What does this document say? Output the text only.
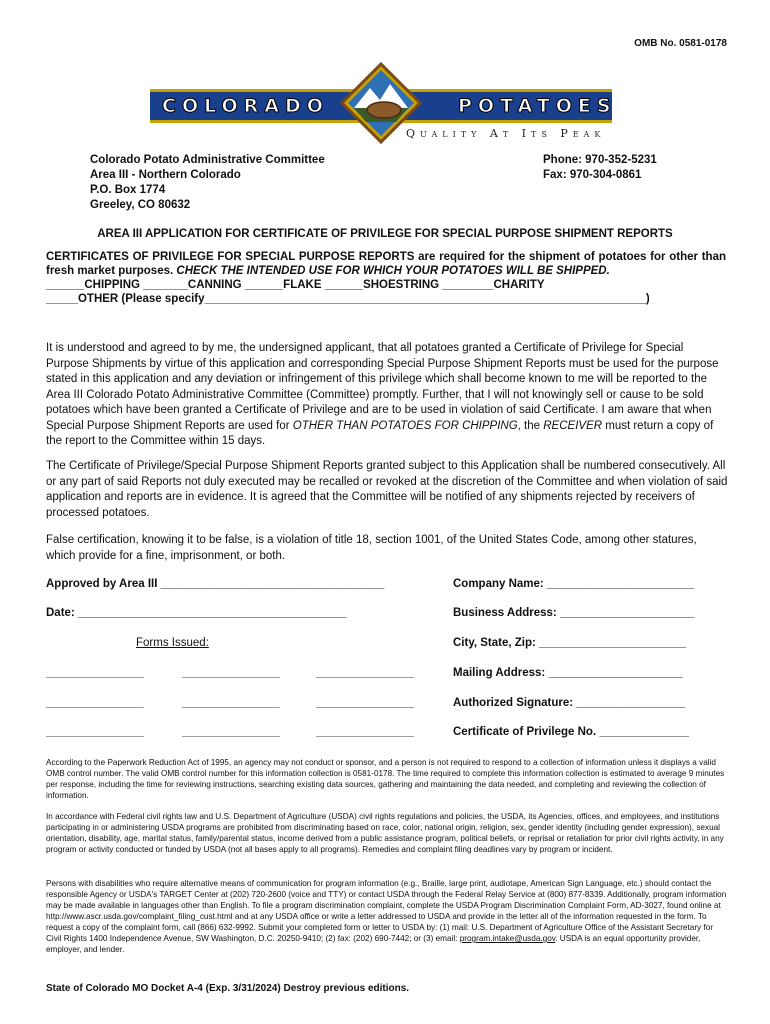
OMB No. 0581-0178
COLORADO	POTATOES
Quality At Its Peak
Colorado Potato Administrative Committee
Area III - Northern Colorado
P.O. Box 1774
Greeley, CO 80632
Phone: 970-352-5231
Fax: 970-304-0861
AREA III APPLICATION FOR CERTIFICATE OF PRIVILEGE FOR SPECIAL PURPOSE SHIPMENT REPORTS
CERTIFICATES OF PRIVILEGE FOR SPECIAL PURPOSE REPORTS are required for the shipment of potatoes for other than fresh market purposes. CHECK THE INTENDED USE FOR WHICH YOUR POTATOES WILL BE SHIPPED.
______CHIPPING _______CANNING ______FLAKE ______SHOESTRING ________CHARITY
_____OTHER (Please specify_____________________________________________________________________)
It is understood and agreed to by me, the undersigned applicant, that all potatoes granted a Certificate of Privilege for Special Purpose Shipments by virtue of this application and corresponding Special Purpose Shipment Reports must be used for the purpose stated in this application and any deviation or infringement of this privilege which shall become known to me will be reported to the Area III Colorado Potato Administrative Committee (Committee) promptly. Further, that I will not knowingly sell or cause to be sold potatoes which have been granted a Certificate of Privilege and are to be used in violation of said Certificate. I am aware that when Special Purpose Shipment Reports are used for OTHER THAN POTATOES FOR CHIPPING, the RECEIVER must return a copy of the report to the Committee within 15 days.
The Certificate of Privilege/Special Purpose Shipment Reports granted subject to this Application shall be numbered consecutively. All or any part of said Reports not duly executed may be recalled or revoked at the discretion of the Committee and when violation of said application and reports are in evidence. It is agreed that the Committee will be notified of any shipments rejected by receivers of processed potatoes.
False certification, knowing it to be false, is a violation of title 18, section 1001, of the United States Code, among other statures, which provide for a fine, imprisonment, or both.
Approved by Area III ___________________________________
Date: __________________________________________
Forms Issued:
Company Name: _______________________
Business Address: _____________________
City, State, Zip: _______________________
Mailing Address: _____________________
Authorized Signature: _________________
Certificate of Privilege No. ______________
________________	________________	________________
________________	________________	________________
________________	________________	________________
According to the Paperwork Reduction Act of 1995, an agency may not conduct or sponsor, and a person is not required to respond to a collection of information unless it displays a valid OMB control number. The valid OMB control number for this information collection is 0581-0178. The time required to complete this information collection is estimated to average 9 minutes per response, including the time for reviewing instructions, searching existing data sources, gathering and maintaining the data needed, and completing and reviewing the collection of information.
In accordance with Federal civil rights law and U.S. Department of Agriculture (USDA) civil rights regulations and policies, the USDA, its Agencies, offices, and employees, and institutions participating in or administering USDA programs are prohibited from discriminating based on race, color, national origin, religion, sex, gender identity (including gender expression), sexual orientation, disability, age, marital status, family/parental status, income derived from a public assistance program, political beliefs, or reprisal or retaliation for prior civil rights activity, in any program or activity conducted or funded by USDA (not all bases apply to all programs). Remedies and complaint filing deadlines vary by program or incident.
Persons with disabilities who require alternative means of communication for program information (e.g., Braille, large print, audiotape, American Sign Language, etc.) should contact the responsible Agency or USDA's TARGET Center at (202) 720-2600 (voice and TTY) or contact USDA through the Federal Relay Service at (800) 877-8339. Additionally, program information may be made available in languages other than English. To file a program discrimination complaint, complete the USDA Program Discrimination Complaint Form, AD-3027, found online at http://www.ascr.usda.gov/complaint_filing_cust.html and at any USDA office or write a letter addressed to USDA and provide in the letter all of the information requested in the form. To request a copy of the complaint form, call (866) 632-9992. Submit your completed form or letter to USDA by: (1) mail: U.S. Department of Agriculture Office of the Assistant Secretary for Civil Rights 1400 Independence Avenue, SW Washington, D.C. 20250-9410; (2) fax: (202) 690-7442; or (3) email: program.intake@usda.gov. USDA is an equal opportunity provider, employer, and lender.
State of Colorado MO Docket A-4 (Exp. 3/31/2024) Destroy previous editions.
